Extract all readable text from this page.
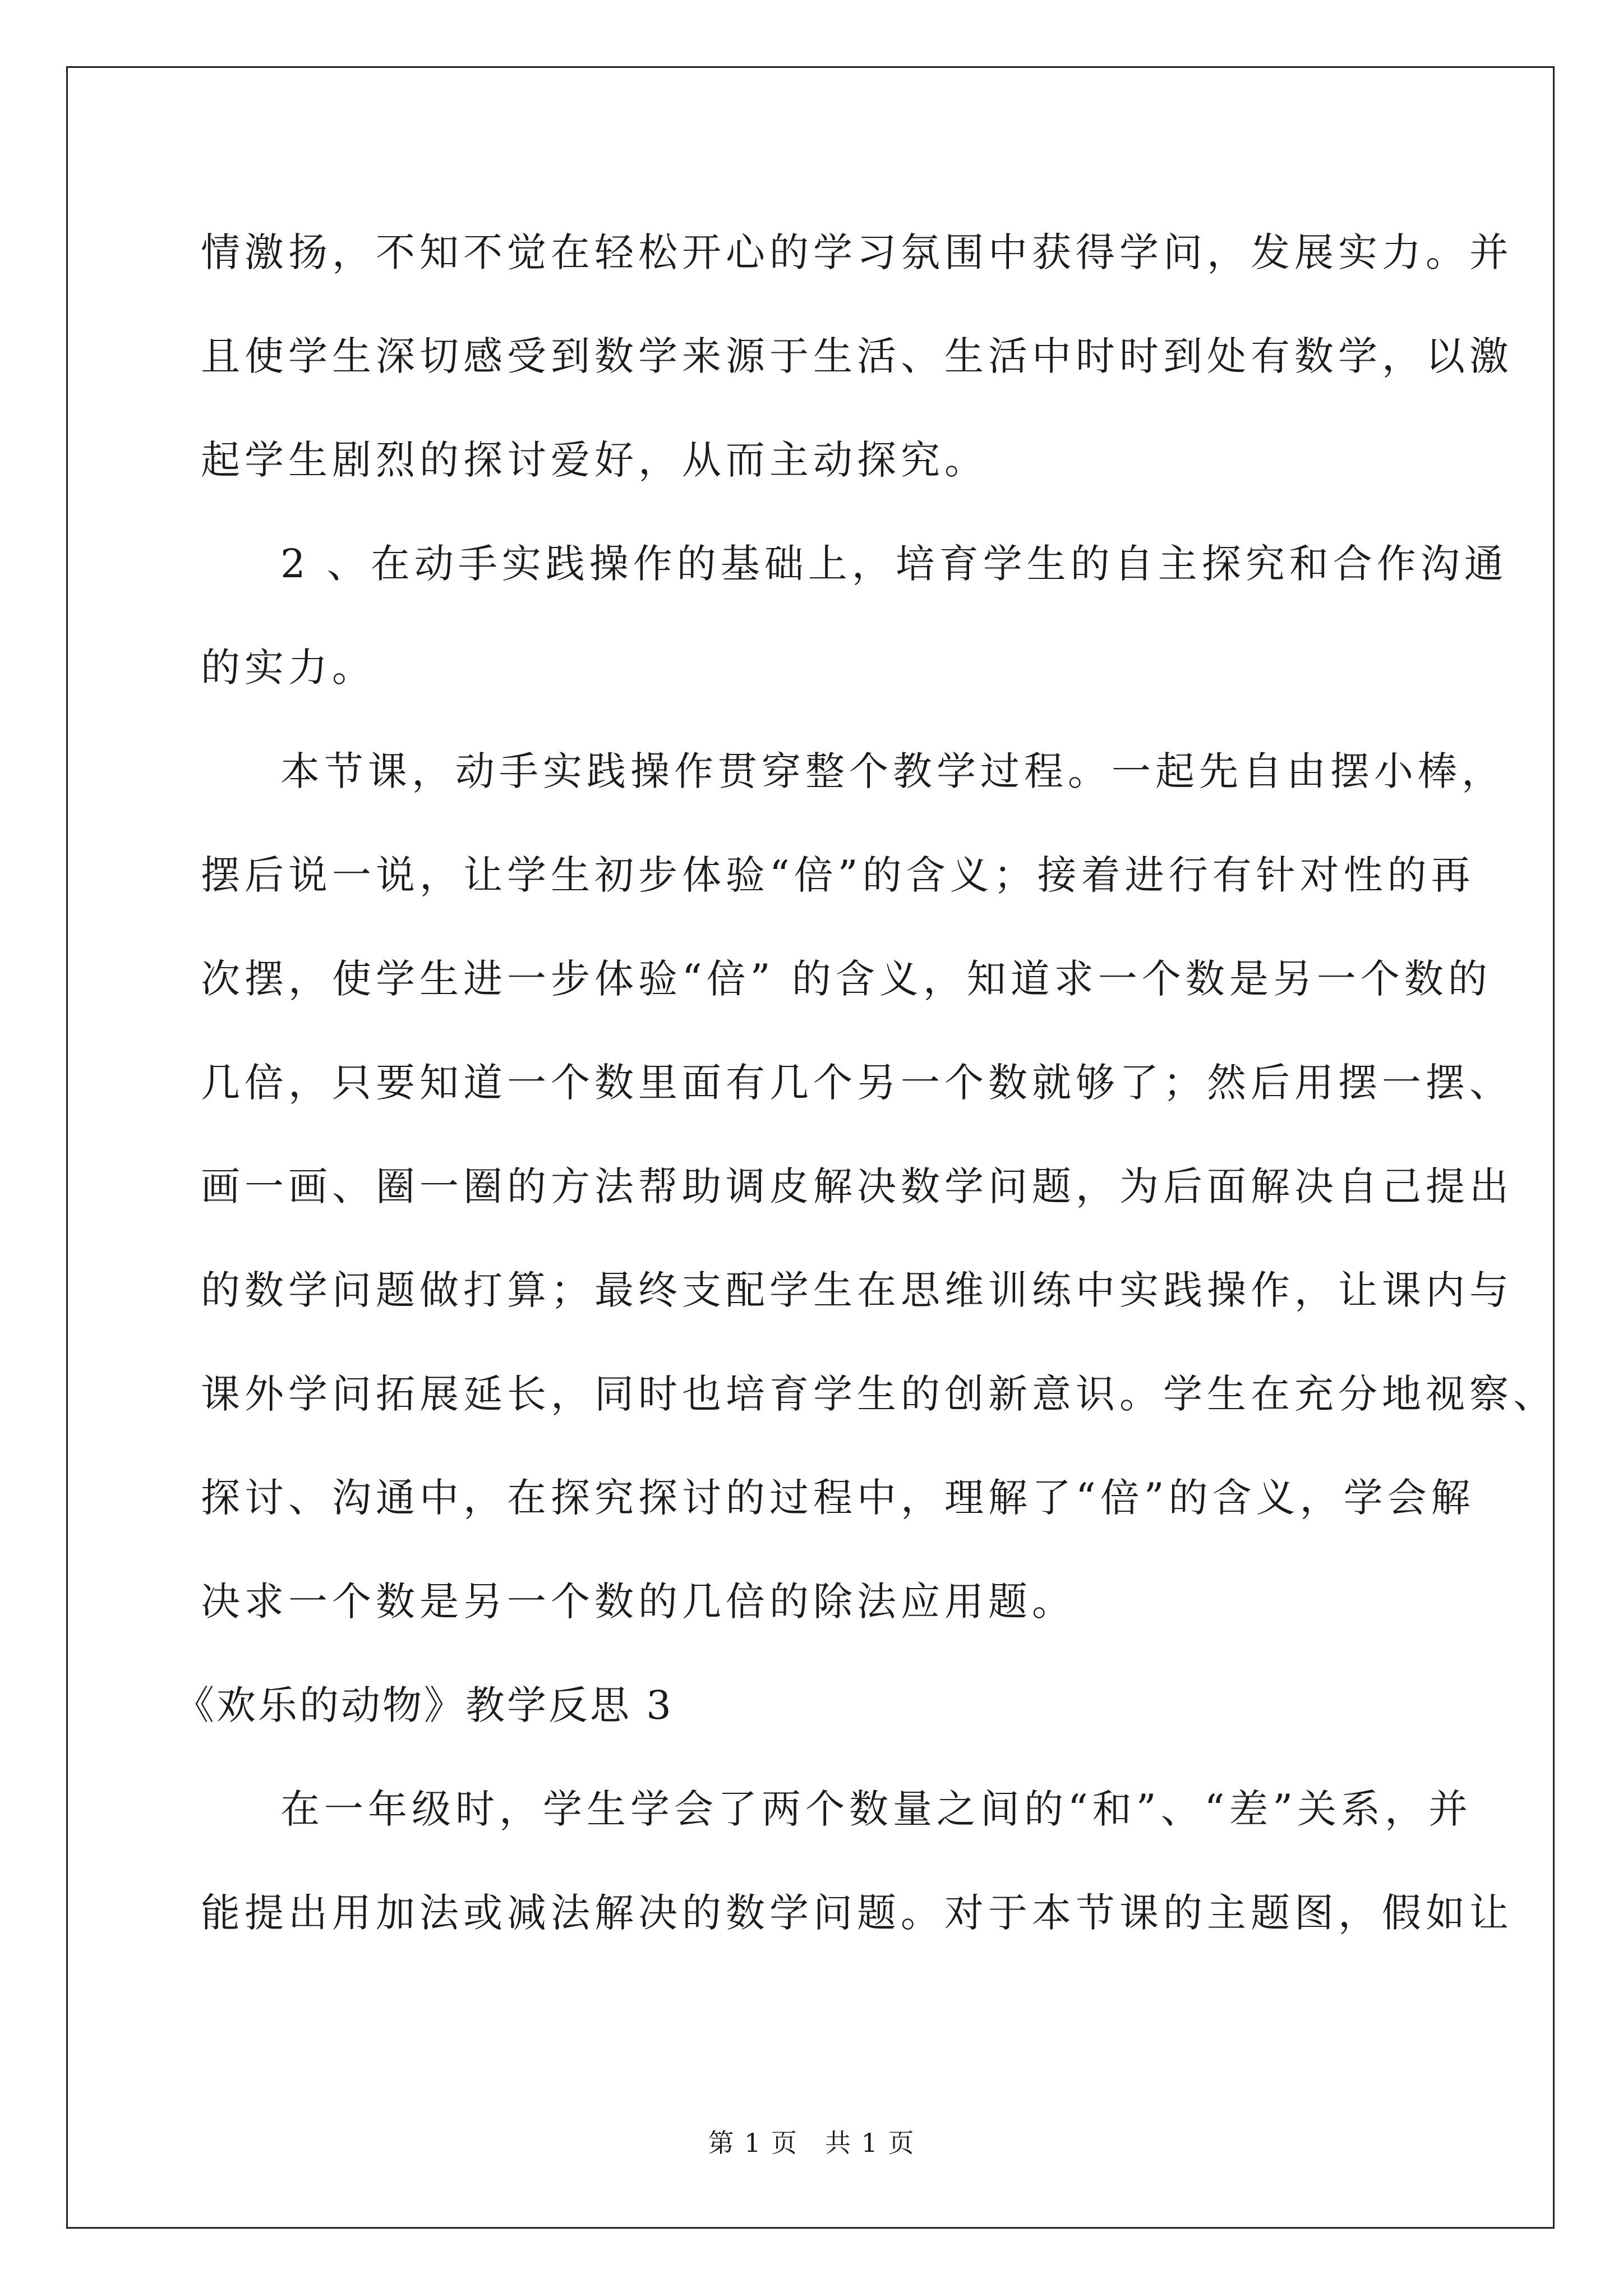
情激扬，不知不觉在轻松开心的学习氛围中获得学问，发展实力。并
且使学生深切感受到数学来源于生活、生活中时时到处有数学，以激
起学生剧烈的探讨爱好，从而主动探究。
2 、在动手实践操作的基础上，培育学生的自主探究和合作沟通
的实力。
本节课，动手实践操作贯穿整个教学过程。一起先自由摆小棒，
摆后说一说，让学生初步体验“倍”的含义；接着进行有针对性的再
次摆，使学生进一步体验“倍” 的含义，知道求一个数是另一个数的
几倍，只要知道一个数里面有几个另一个数就够了；然后用摆一摆、
画一画、圈一圈的方法帮助调皮解决数学问题，为后面解决自己提出
的数学问题做打算；最终支配学生在思维训练中实践操作，让课内与
课外学问拓展延长，同时也培育学生的创新意识。学生在充分地视察、
探讨、沟通中，在探究探讨的过程中，理解了“倍”的含义，学会解
决求一个数是另一个数的几倍的除法应用题。
《欢乐的动物》教学反思 3
在一年级时，学生学会了两个数量之间的“和”、“差”关系，并
能提出用加法或减法解决的数学问题。对于本节课的主题图，假如让
第 1 页　共 1 页
